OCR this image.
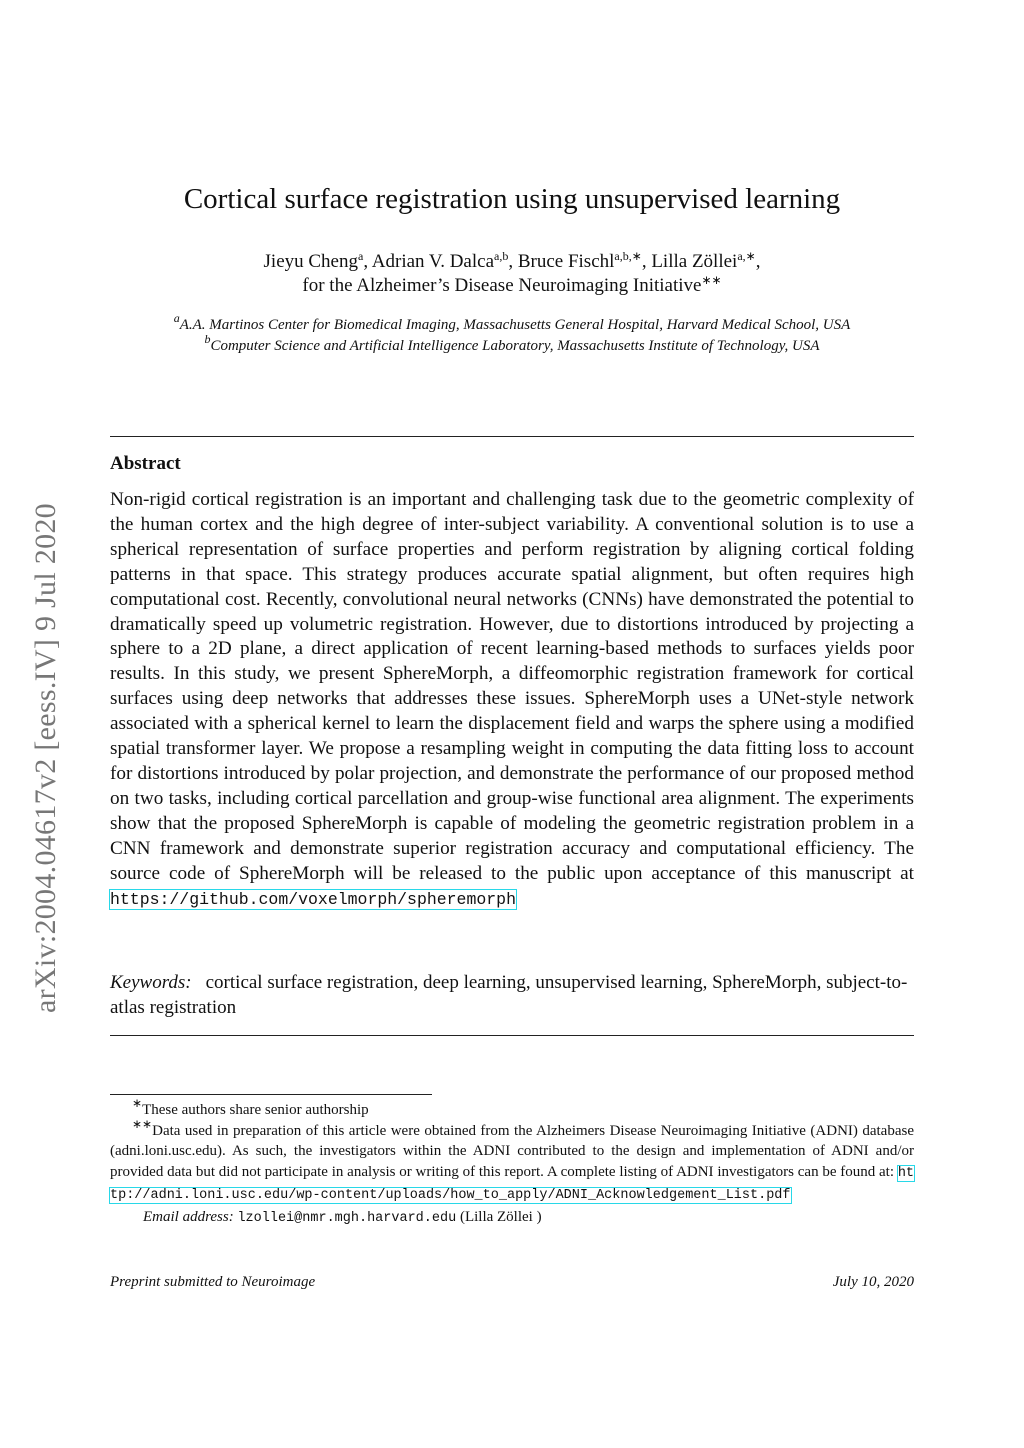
arXiv:2004.04617v2 [eess.IV] 9 Jul 2020
Cortical surface registration using unsupervised learning
Jieyu Cheng$^a$, Adrian V. Dalca$^{a,b}$, Bruce Fischl$^{a,b,∗}$, Lilla Zöllei$^{a,∗}$,
for the Alzheimer’s Disease Neuroimaging Initiative∗∗
$^a$A.A. Martinos Center for Biomedical Imaging, Massachusetts General Hospital, Harvard Medical School, USA
$^b$Computer Science and Artificial Intelligence Laboratory, Massachusetts Institute of Technology, USA
Abstract
Non-rigid cortical registration is an important and challenging task due to the geometric complexity of the human cortex and the high degree of inter-subject variability. A conventional solution is to use a spherical representation of surface properties and perform registration by aligning cortical folding patterns in that space. This strategy produces accurate spatial alignment, but often requires high computational cost. Recently, convolutional neural networks (CNNs) have demonstrated the potential to dramatically speed up volumetric registration. However, due to distortions introduced by projecting a sphere to a 2D plane, a direct application of recent learning-based methods to surfaces yields poor results. In this study, we present SphereMorph, a diffeomorphic registration framework for cortical surfaces using deep networks that addresses these issues. SphereMorph uses a UNet-style network associated with a spherical kernel to learn the displacement field and warps the sphere using a modified spatial transformer layer. We propose a resampling weight in computing the data fitting loss to account for distortions introduced by polar projection, and demonstrate the performance of our proposed method on two tasks, including cortical parcellation and group-wise functional area alignment. The experiments show that the proposed SphereMorph is capable of modeling the geometric registration problem in a CNN framework and demonstrate superior registration accuracy and computational efficiency. The source code of SphereMorph will be released to the public upon acceptance of this manuscript at https://github.com/voxelmorph/spheremorph
Keywords: cortical surface registration, deep learning, unsupervised learning, SphereMorph, subject-to-atlas registration
∗These authors share senior authorship
∗∗Data used in preparation of this article were obtained from the Alzheimers Disease Neuroimaging Initiative (ADNI) database (adni.loni.usc.edu). As such, the investigators within the ADNI contributed to the design and implementation of ADNI and/or provided data but did not participate in analysis or writing of this report. A complete listing of ADNI investigators can be found at: http://adni.loni.usc.edu/wp-content/uploads/how_to_apply/ADNI_Acknowledgement_List.pdf
Email address: lzollei@nmr.mgh.harvard.edu (Lilla Zöllei )
Preprint submitted to Neuroimage	July 10, 2020
